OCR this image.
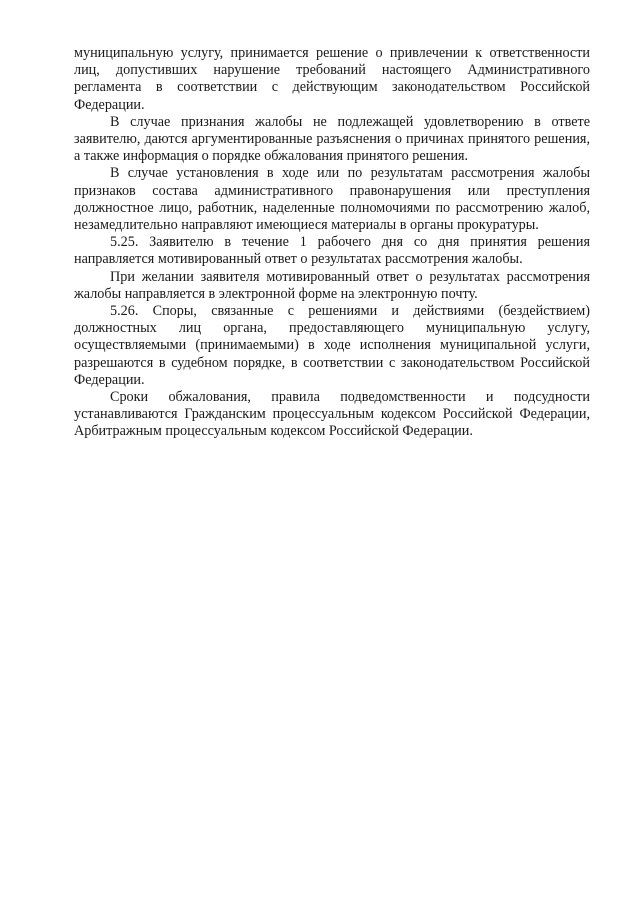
муниципальную услугу, принимается решение о привлечении к ответственности лиц, допустивших нарушение требований настоящего Административного регламента в соответствии с действующим законодательством Российской Федерации.

В случае признания жалобы не подлежащей удовлетворению в ответе заявителю, даются аргументированные разъяснения о причинах принятого решения, а также информация о порядке обжалования принятого решения.

В случае установления в ходе или по результатам рассмотрения жалобы признаков состава административного правонарушения или преступления должностное лицо, работник, наделенные полномочиями по рассмотрению жалоб, незамедлительно направляют имеющиеся материалы в органы прокуратуры.

5.25. Заявителю в течение 1 рабочего дня со дня принятия решения направляется мотивированный ответ о результатах рассмотрения жалобы.

При желании заявителя мотивированный ответ о результатах рассмотрения жалобы направляется в электронной форме на электронную почту.

5.26. Споры, связанные с решениями и действиями (бездействием) должностных лиц органа, предоставляющего муниципальную услугу, осуществляемыми (принимаемыми) в ходе исполнения муниципальной услуги, разрешаются в судебном порядке, в соответствии с законодательством Российской Федерации.

Сроки обжалования, правила подведомственности и подсудности устанавливаются Гражданским процессуальным кодексом Российской Федерации, Арбитражным процессуальным кодексом Российской Федерации.
